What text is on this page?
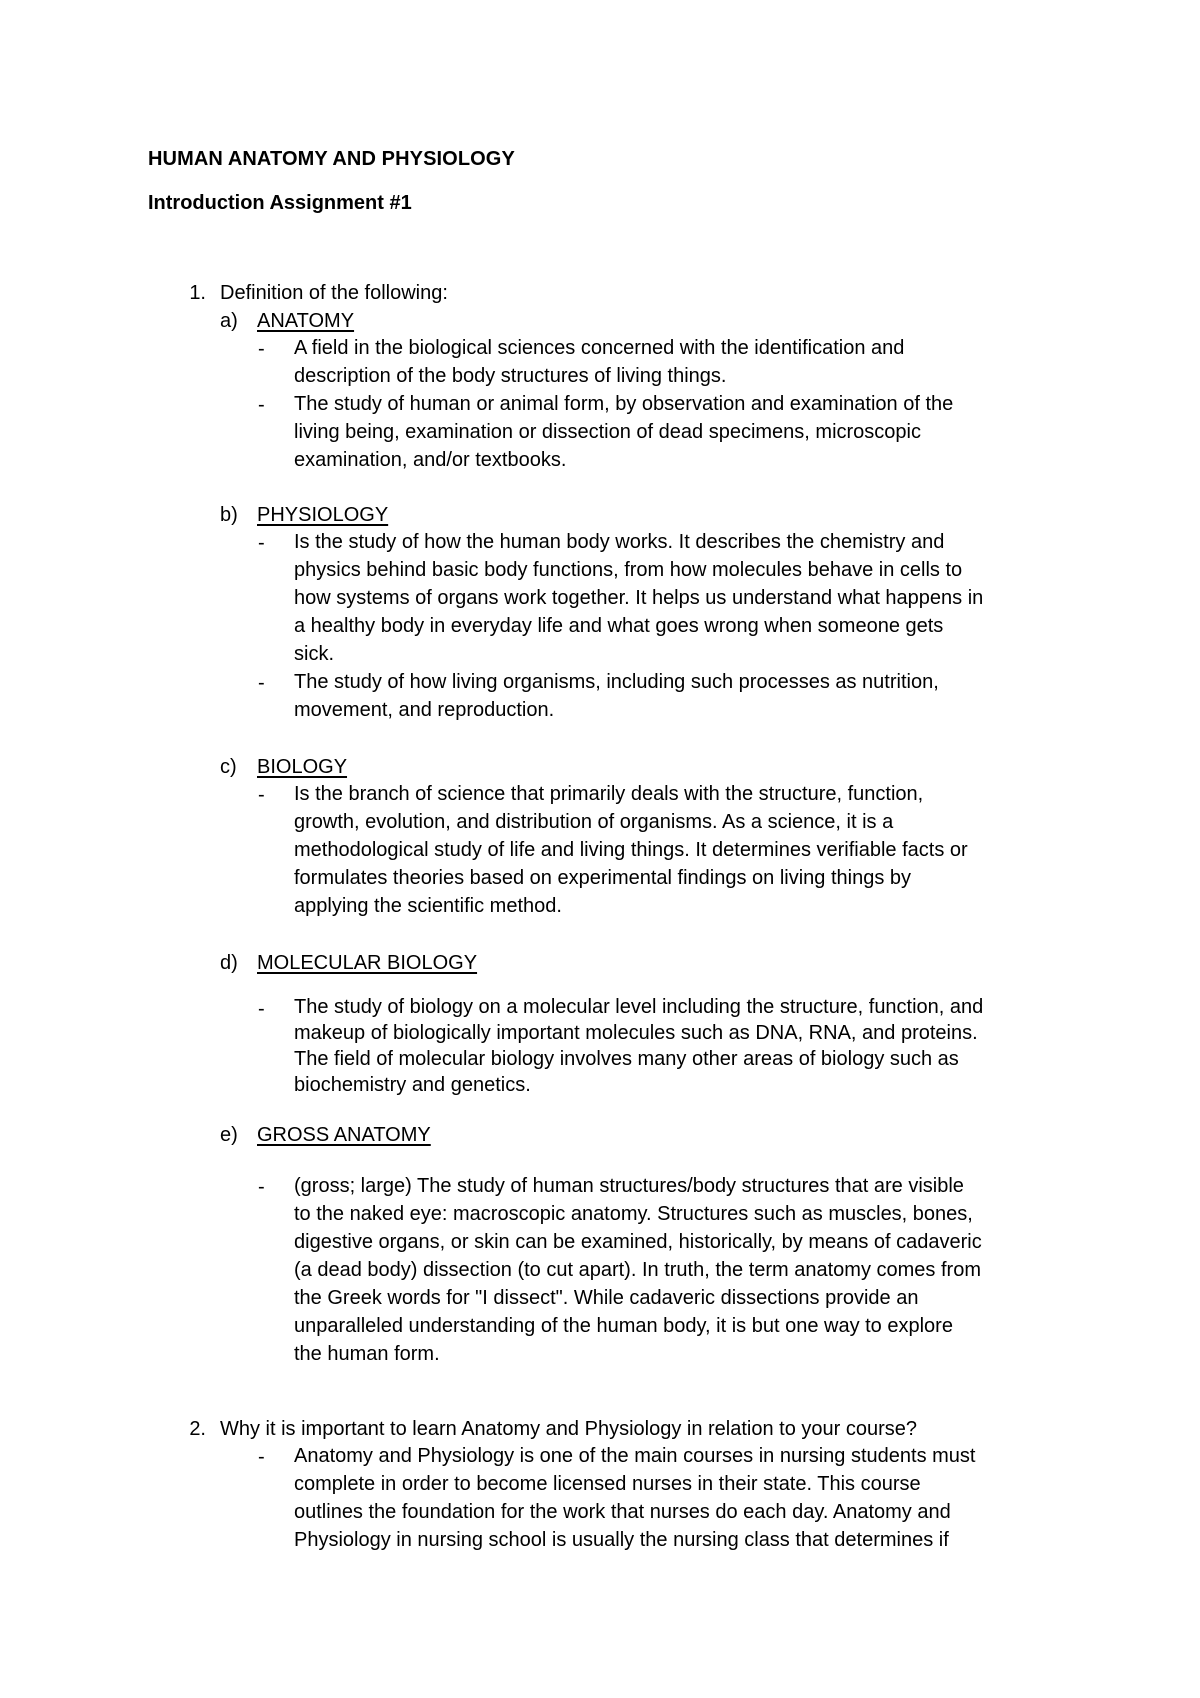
HUMAN ANATOMY AND PHYSIOLOGY
Introduction Assignment #1
1. Definition of the following:
a) ANATOMY
- A field in the biological sciences concerned with the identification and
description of the body structures of living things.
- The study of human or animal form, by observation and examination of the
living being, examination or dissection of dead specimens, microscopic
examination, and/or textbooks.
b) PHYSIOLOGY
- Is the study of how the human body works. It describes the chemistry and
physics behind basic body functions, from how molecules behave in cells to
how systems of organs work together. It helps us understand what happens in
a healthy body in everyday life and what goes wrong when someone gets
sick.
- The study of how living organisms, including such processes as nutrition,
movement, and reproduction.
c) BIOLOGY
- Is the branch of science that primarily deals with the structure, function,
growth, evolution, and distribution of organisms. As a science, it is a
methodological study of life and living things. It determines verifiable facts or
formulates theories based on experimental findings on living things by
applying the scientific method.
d) MOLECULAR BIOLOGY
- The study of biology on a molecular level including the structure, function, and
makeup of biologically important molecules such as DNA, RNA, and proteins.
The field of molecular biology involves many other areas of biology such as
biochemistry and genetics.
e) GROSS ANATOMY
- (gross; large) The study of human structures/body structures that are visible
to the naked eye: macroscopic anatomy. Structures such as muscles, bones,
digestive organs, or skin can be examined, historically, by means of cadaveric
(a dead body) dissection (to cut apart). In truth, the term anatomy comes from
the Greek words for "I dissect". While cadaveric dissections provide an
unparalleled understanding of the human body, it is but one way to explore
the human form.
2. Why it is important to learn Anatomy and Physiology in relation to your course?
- Anatomy and Physiology is one of the main courses in nursing students must
complete in order to become licensed nurses in their state. This course
outlines the foundation for the work that nurses do each day. Anatomy and
Physiology in nursing school is usually the nursing class that determines if
